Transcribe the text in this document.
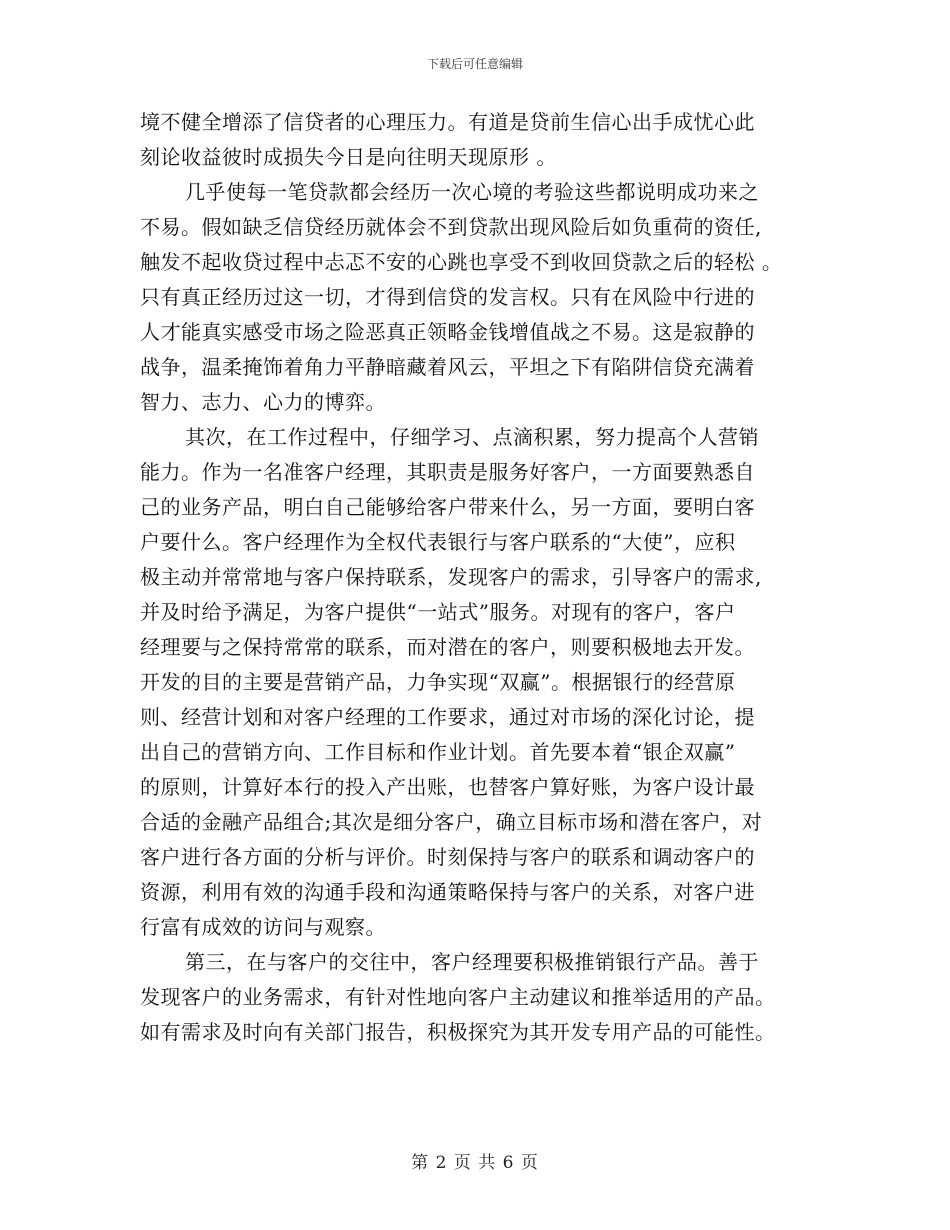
下载后可任意编辑

境不健全增添了信贷者的心理压力。有道是贷前生信心出手成忧心此
刻论收益彼时成损失今日是向往明天现原形 。

几乎使每一笔贷款都会经历一次心境的考验这些都说明成功来之
不易。假如缺乏信贷经历就体会不到贷款出现风险后如负重荷的资任,
触发不起收贷过程中忐忑不安的心跳也享受不到收回贷款之后的轻松 。
只有真正经历过这一切，才得到信贷的发言权。只有在风险中行进的
人才能真实感受市场之险恶真正领略金钱增值战之不易。这是寂静的
战争，温柔掩饰着角力平静暗藏着风云，平坦之下有陷阱信贷充满着
智力、志力、心力的博弈。

其次，在工作过程中，仔细学习、点滴积累，努力提高个人营销
能力。作为一名准客户经理，其职责是服务好客户，一方面要熟悉自
己的业务产品，明白自己能够给客户带来什么，另一方面，要明白客
户要什么。客户经理作为全权代表银行与客户联系的“大使”，应积
极主动并常常地与客户保持联系，发现客户的需求，引导客户的需求,
并及时给予满足，为客户提供“一站式”服务。对现有的客户，客户
经理要与之保持常常的联系，而对潜在的客户，则要积极地去开发。
开发的目的主要是营销产品，力争实现“双赢”。根据银行的经营原
则、经营计划和对客户经理的工作要求，通过对市场的深化讨论，提
出自己的营销方向、工作目标和作业计划。首先要本着“银企双赢”
的原则，计算好本行的投入产出账，也替客户算好账，为客户设计最
合适的金融产品组合;其次是细分客户，确立目标市场和潜在客户，对
客户进行各方面的分析与评价。时刻保持与客户的联系和调动客户的
资源，利用有效的沟通手段和沟通策略保持与客户的关系，对客户进
行富有成效的访问与观察。

第三，在与客户的交往中，客户经理要积极推销银行产品。善于
发现客户的业务需求，有针对性地向客户主动建议和推举适用的产品。
如有需求及时向有关部门报告，积极探究为其开发专用产品的可能性。

第 2 页 共 6 页
